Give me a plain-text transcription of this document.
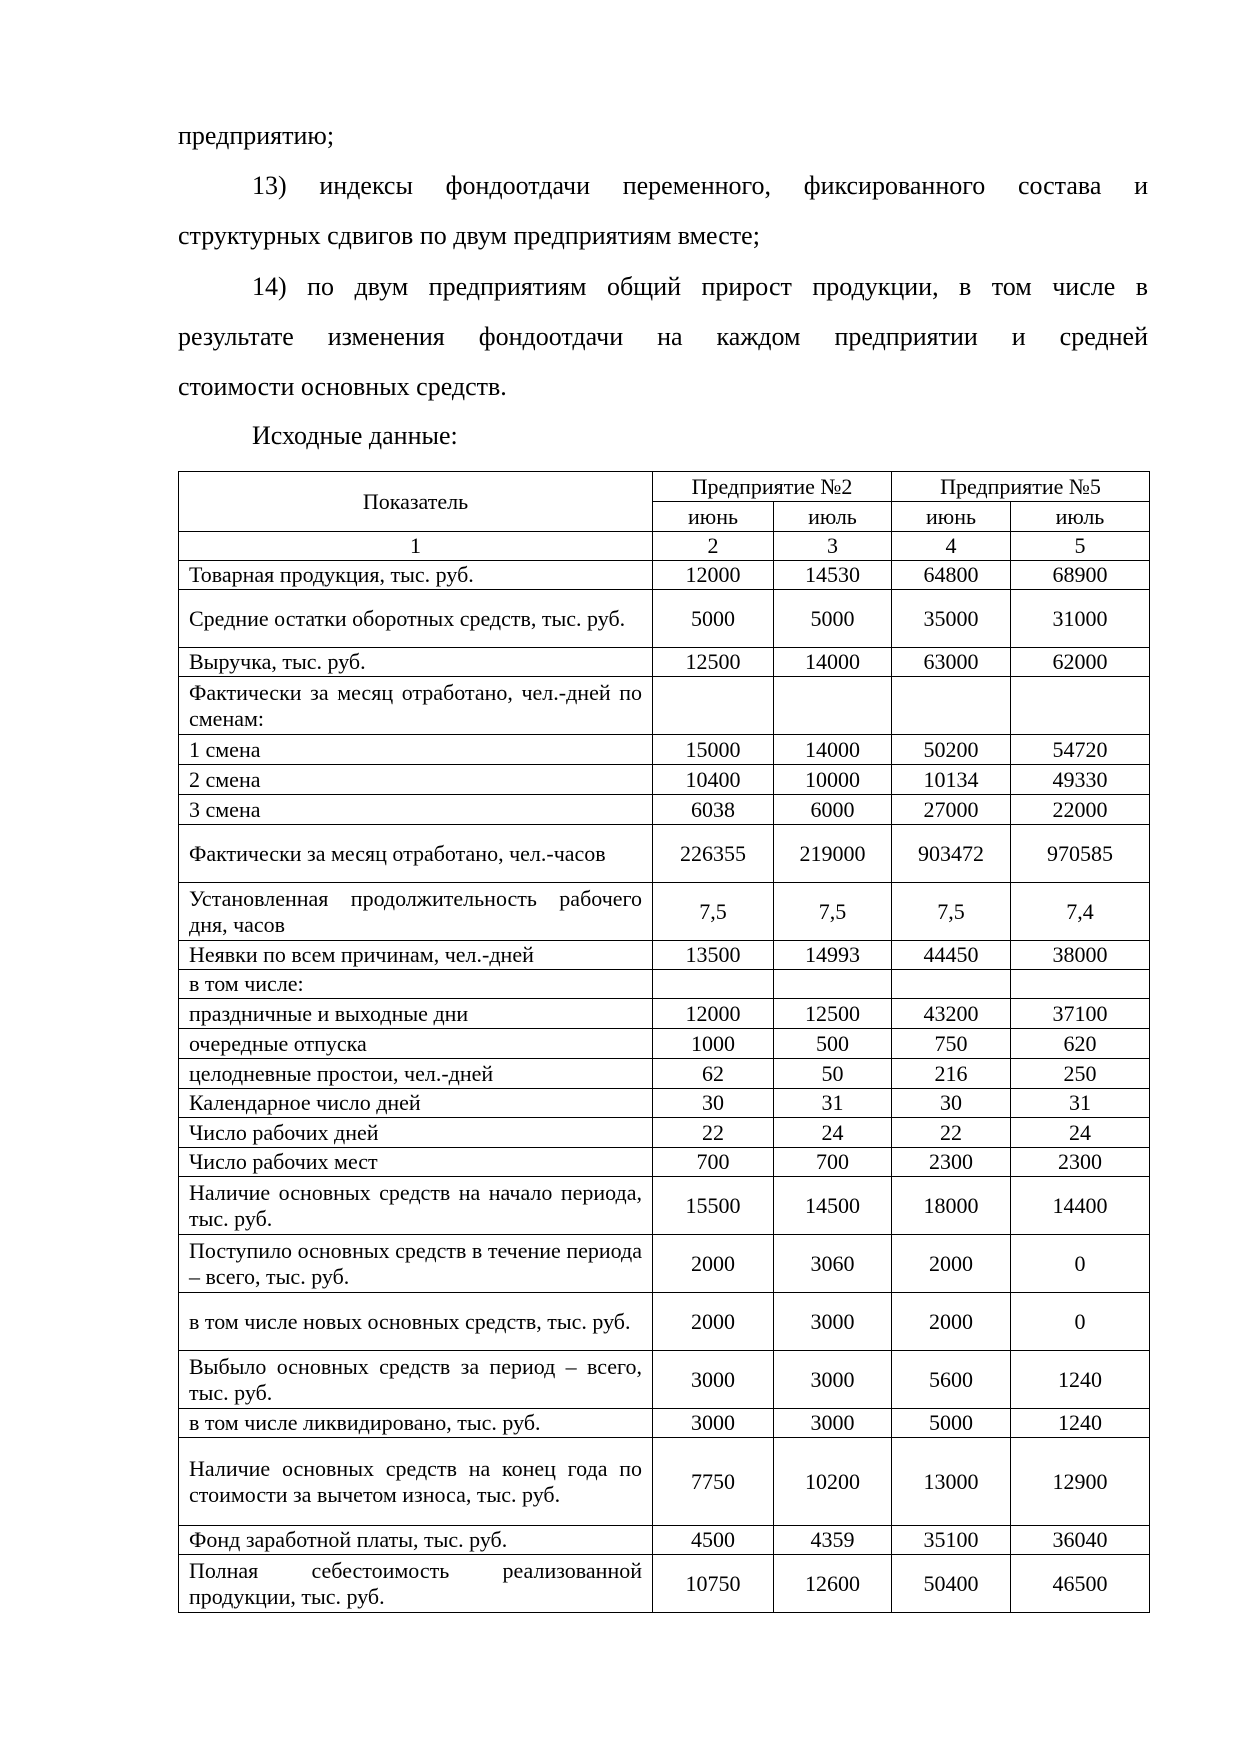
предприятию;
13) индексы фондоотдачи переменного, фиксированного состава и
структурных сдвигов по двум предприятиям вместе;
14) по двум предприятиям общий прирост продукции, в том числе в
результате изменения фондоотдачи на каждом предприятии и средней
стоимости основных средств.
Исходные данные:
Показатель	Предприятие №2		Предприятие №5	
	июнь	июль	июнь	июль
1	2	3	4	5
Товарная продукция, тыс. руб.	12000	14530	64800	68900
Средние остатки оборотных средств, тыс. руб.	5000	5000	35000	31000
Выручка, тыс. руб.	12500	14000	63000	62000
Фактически за месяц отработано, чел.-дней по сменам:				
1 смена	15000	14000	50200	54720
2 смена	10400	10000	10134	49330
3 смена	6038	6000	27000	22000
Фактически за месяц отработано, чел.-часов	226355	219000	903472	970585
Установленная продолжительность рабочего дня, часов	7,5	7,5	7,5	7,4
Неявки по всем причинам, чел.-дней	13500	14993	44450	38000
в том числе:				
праздничные и выходные дни	12000	12500	43200	37100
очередные отпуска	1000	500	750	620
целодневные простои, чел.-дней	62	50	216	250
Календарное число дней	30	31	30	31
Число рабочих дней	22	24	22	24
Число рабочих мест	700	700	2300	2300
Наличие основных средств на начало периода, тыс. руб.	15500	14500	18000	14400
Поступило основных средств в течение периода – всего, тыс. руб.	2000	3060	2000	0
в том числе новых основных средств, тыс. руб.	2000	3000	2000	0
Выбыло основных средств за период – всего, тыс. руб.	3000	3000	5600	1240
в том числе ликвидировано, тыс. руб.	3000	3000	5000	1240
Наличие основных средств на конец года по стоимости за вычетом износа, тыс. руб.	7750	10200	13000	12900
Фонд заработной платы, тыс. руб.	4500	4359	35100	36040
Полная себестоимость реализованной продукции, тыс. руб.	10750	12600	50400	46500
